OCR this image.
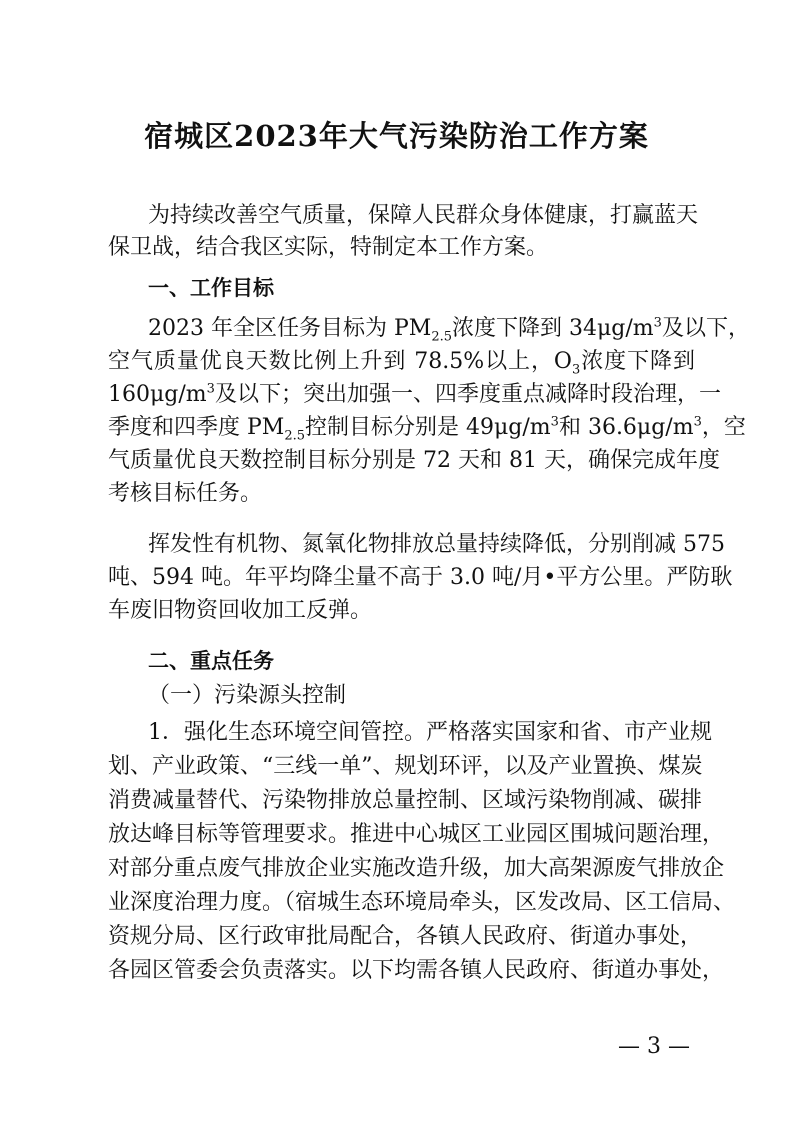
宿城区2023年大气污染防治工作方案
为持续改善空气质量，保障人民群众身体健康，打赢蓝天
保卫战，结合我区实际，特制定本工作方案。
一、工作目标
2023 年全区任务目标为 $PM_{2.5}$浓度下降到 $34\mu g/m^3$及以下，
空气质量优良天数比例上升到 78.5%以上，$O_3$浓度下降到
$160\mu g/m^3$及以下；突出加强一、四季度重点减降时段治理，一
季度和四季度 $PM_{2.5}$控制目标分别是 $49\mu g/m^3$和 $36.6\mu g/m^3$，空
气质量优良天数控制目标分别是 72 天和 81 天，确保完成年度
考核目标任务。
挥发性有机物、氮氧化物排放总量持续降低，分别削减 575
吨、594 吨。年平均降尘量不高于 3.0 吨/月•平方公里。严防耿
车废旧物资回收加工反弹。
二、重点任务
（一）污染源头控制
1．强化生态环境空间管控。严格落实国家和省、市产业规
划、产业政策、“三线一单”、规划环评，以及产业置换、煤炭
消费减量替代、污染物排放总量控制、区域污染物削减、碳排
放达峰目标等管理要求。推进中心城区工业园区围城问题治理，
对部分重点废气排放企业实施改造升级，加大高架源废气排放企
业深度治理力度。（宿城生态环境局牵头，区发改局、区工信局、
资规分局、区行政审批局配合，各镇人民政府、街道办事处，
各园区管委会负责落实。以下均需各镇人民政府、街道办事处，
— 3 —
